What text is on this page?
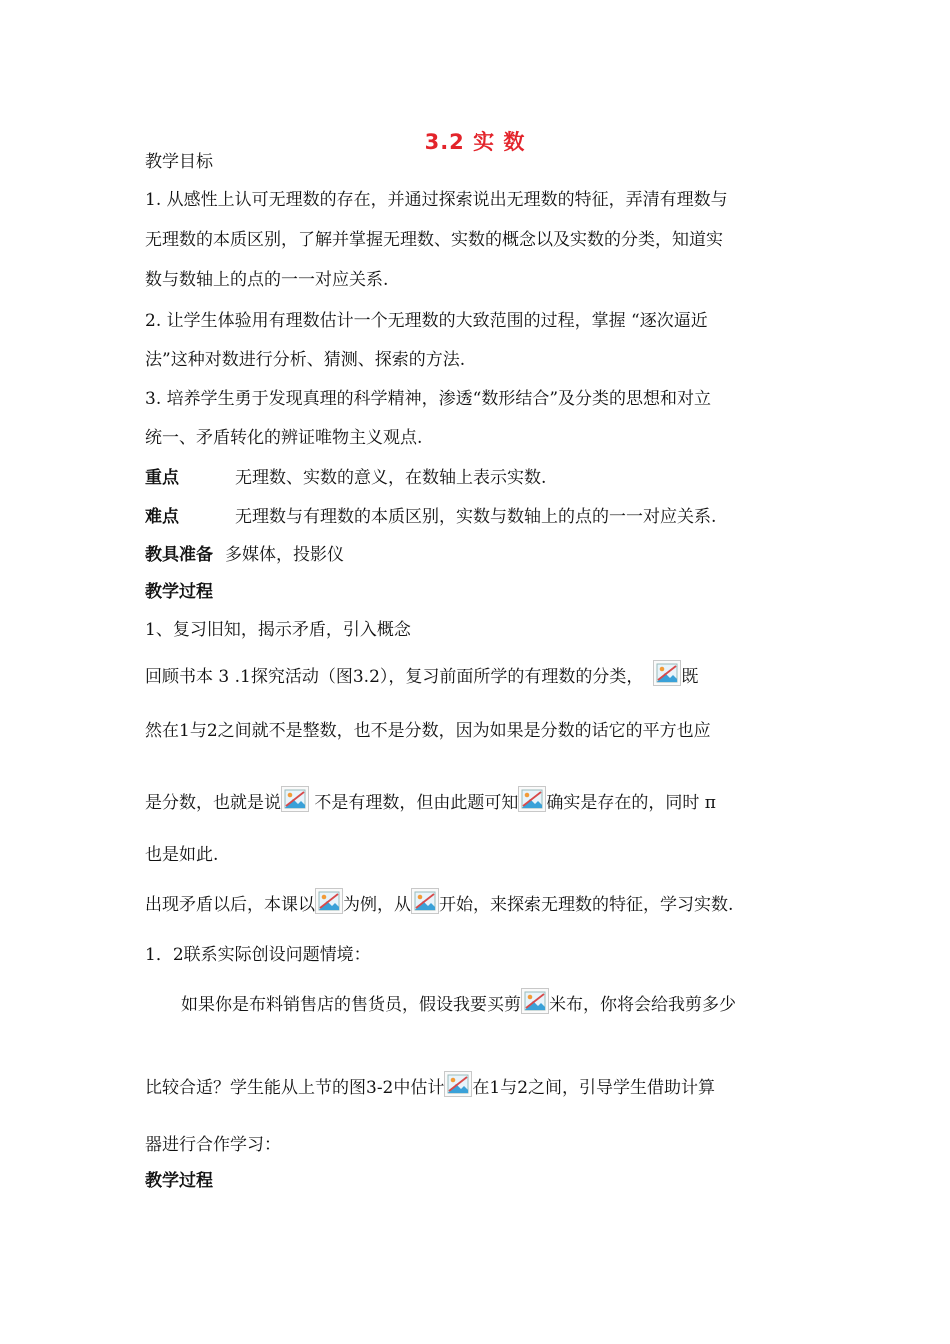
3.2 实 数
教学目标
1. 从感性上认可无理数的存在，并通过探索说出无理数的特征，弄清有理数与
无理数的本质区别，了解并掌握无理数、实数的概念以及实数的分类，知道实
数与数轴上的点的一一对应关系.
2. 让学生体验用有理数估计一个无理数的大致范围的过程，掌握 “逐次逼近
法”这种对数进行分析、猜测、探索的方法.
3. 培养学生勇于发现真理的科学精神，渗透“数形结合”及分类的思想和对立
统一、矛盾转化的辨证唯物主义观点.
重点	无理数、实数的意义，在数轴上表示实数.
难点	无理数与有理数的本质区别，实数与数轴上的点的一一对应关系.
教具准备 多媒体，投影仪
教学过程
1、复习旧知，揭示矛盾，引入概念
回顾书本 3 .1探究活动（图3.2），复习前面所学的有理数的分类， 既
然在1与2之间就不是整数，也不是分数，因为如果是分数的话它的平方也应
是分数，也就是说
不是有理数，但由此题可知 确实是存在的，同时 π
也是如此.
出现矛盾以后，本课以 为例，从 开始，来探索无理数的特征，学习实数.
1．2联系实际创设问题情境：
如果你是布料销售店的售货员，假设我要买剪 米布，你将会给我剪多少
比较合适？学生能从上节的图3-2中估计 在1与2之间，引导学生借助计算
器进行合作学习：
教学过程
